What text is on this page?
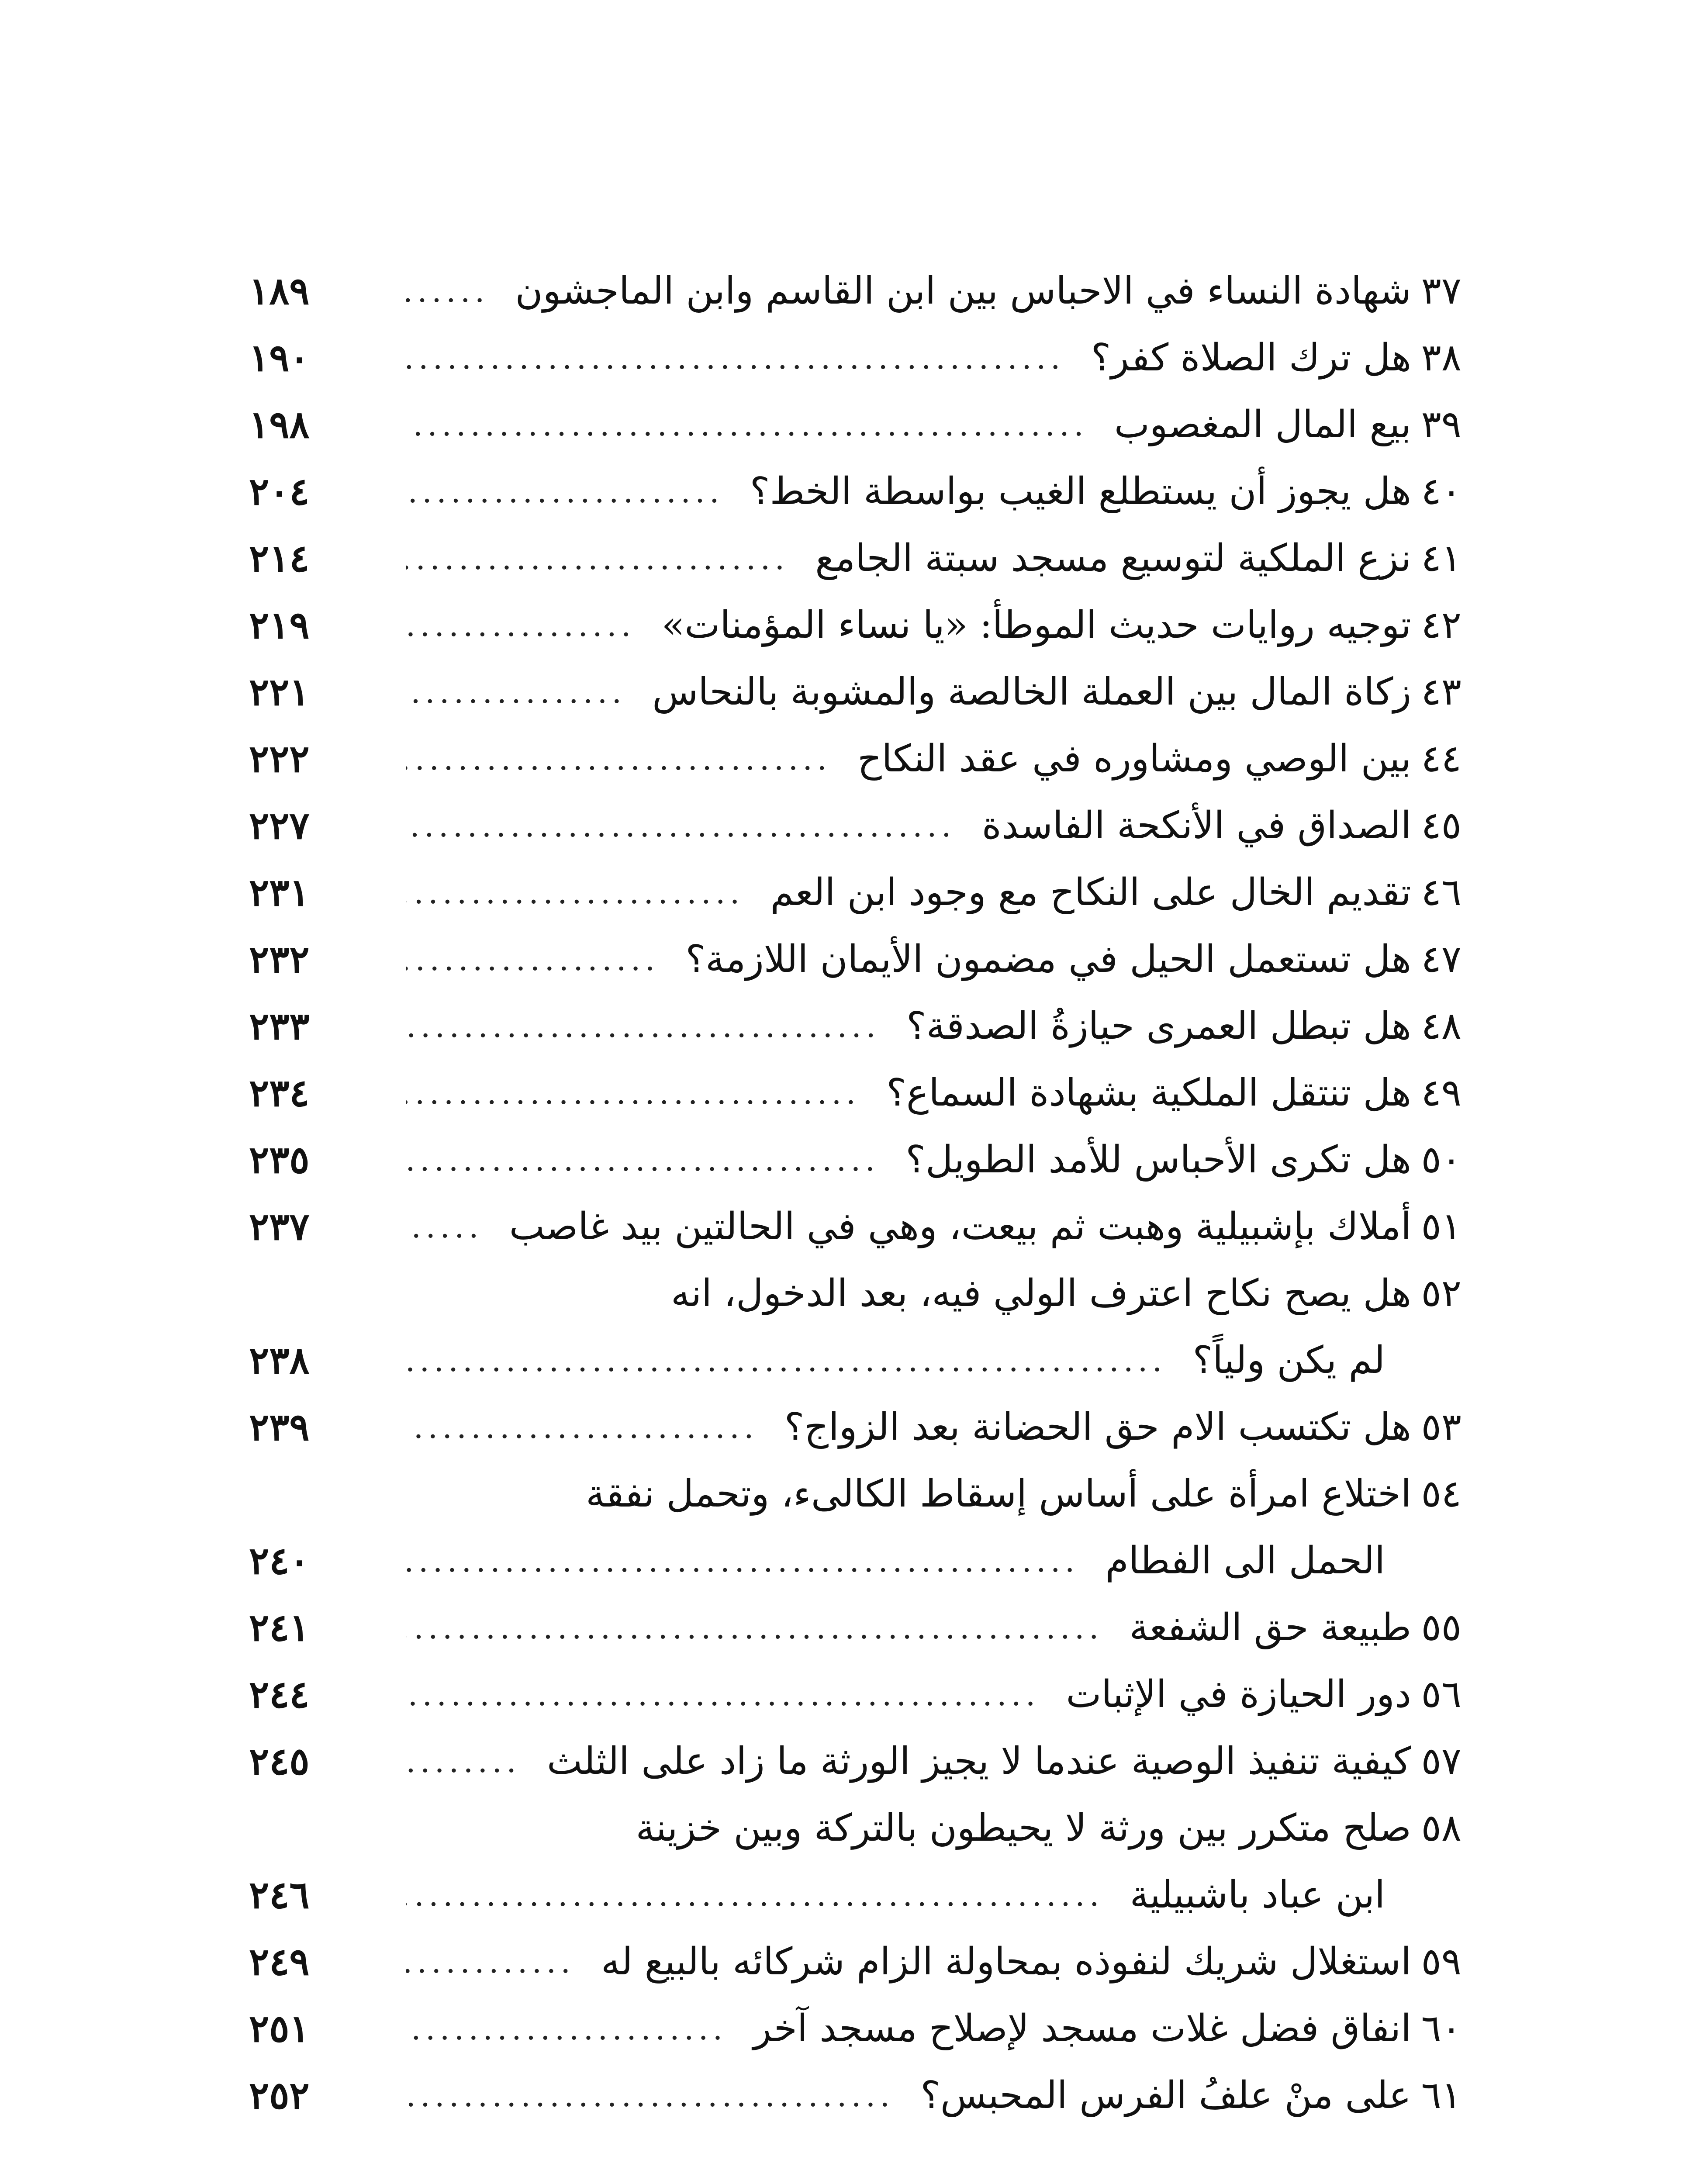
٣٧
شهادة النساء في الاحباس بين ابن القاسم وابن الماجشون
.....
١٨٩
٣٨
هل ترك الصلاة كفر؟
.....
١٩٠
٣٩
بيع المال المغصوب
.....
١٩٨
٤٠
هل يجوز أن يستطلع الغيب بواسطة الخط؟
.....
٢٠٤
٤١
نزع الملكية لتوسيع مسجد سبتة الجامع
.....
٢١٤
٤٢
توجيه روايات حديث الموطأ: «يا نساء المؤمنات»
.....
٢١٩
٤٣
زكاة المال بين العملة الخالصة والمشوبة بالنحاس
.....
٢٢١
٤٤
بين الوصي ومشاوره في عقد النكاح
.....
٢٢٢
٤٥
الصداق في الأنكحة الفاسدة
.....
٢٢٧
٤٦
تقديم الخال على النكاح مع وجود ابن العم
.....
٢٣١
٤٧
هل تستعمل الحيل في مضمون الأيمان اللازمة؟
.....
٢٣٢
٤٨
هل تبطل العمرى حيازةُ الصدقة؟
.....
٢٣٣
٤٩
هل تنتقل الملكية بشهادة السماع؟
.....
٢٣٤
٥٠
هل تكرى الأحباس للأمد الطويل؟
.....
٢٣٥
٥١
أملاك بإشبيلية وهبت ثم بيعت، وهي في الحالتين بيد غاصب
.....
٢٣٧
٥٢
هل يصح نكاح اعترف الولي فيه، بعد الدخول، انه
لم يكن ولياً؟
.....
٢٣٨
٥٣
هل تكتسب الام حق الحضانة بعد الزواج؟
.....
٢٣٩
٥٤
اختلاع امرأة على أساس إسقاط الكالىء، وتحمل نفقة
الحمل الى الفطام
.....
٢٤٠
٥٥
طبيعة حق الشفعة
.....
٢٤١
٥٦
دور الحيازة في الإثبات
.....
٢٤٤
٥٧
كيفية تنفيذ الوصية عندما لا يجيز الورثة ما زاد على الثلث
.....
٢٤٥
٥٨
صلح متكرر بين ورثة لا يحيطون بالتركة وبين خزينة
ابن عباد باشبيلية
.....
٢٤٦
٥٩
استغلال شريك لنفوذه بمحاولة الزام شركائه بالبيع له
.....
٢٤٩
٦٠
انفاق فضل غلات مسجد لإصلاح مسجد آخر
.....
٢٥١
٦١
على منْ علفُ الفرس المحبس؟
.....
٢٥٢
